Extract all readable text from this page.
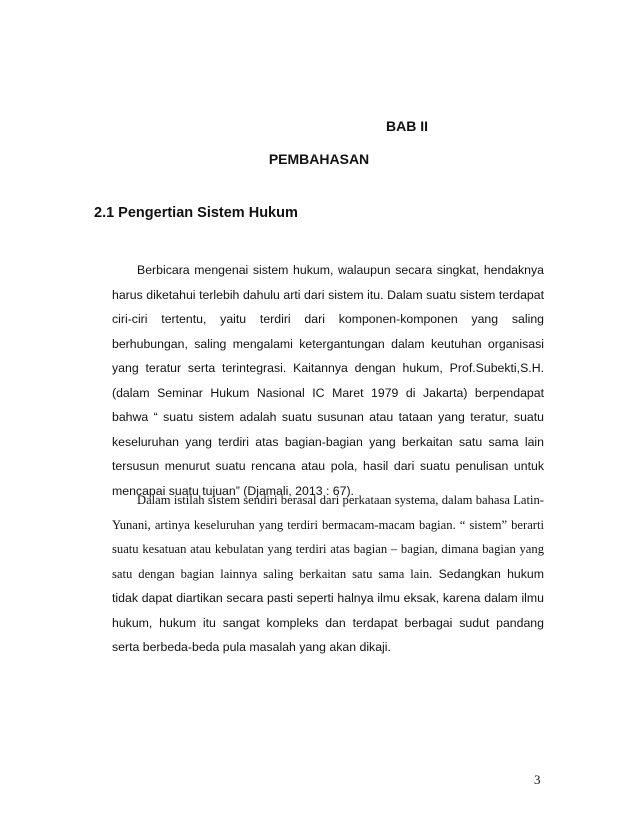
BAB II
PEMBAHASAN
2.1 Pengertian Sistem Hukum

Berbicara mengenai sistem hukum, walaupun secara singkat, hendaknya harus diketahui terlebih dahulu arti dari sistem itu. Dalam suatu sistem terdapat ciri-ciri tertentu, yaitu terdiri dari komponen-komponen yang saling berhubungan, saling mengalami ketergantungan dalam keutuhan organisasi yang teratur serta terintegrasi. Kaitannya dengan hukum, Prof.Subekti,S.H. (dalam Seminar Hukum Nasional IC Maret 1979 di Jakarta) berpendapat bahwa “ suatu sistem adalah suatu susunan atau tataan yang teratur, suatu keseluruhan yang terdiri atas bagian-bagian yang berkaitan satu sama lain tersusun menurut suatu rencana atau pola, hasil dari suatu penulisan untuk mencapai suatu tujuan” (Djamali, 2013 : 67).

Dalam istilah sistem sendiri berasal dari perkataan systema, dalam bahasa Latin-Yunani, artinya keseluruhan yang terdiri bermacam-macam bagian. “ sistem” berarti suatu kesatuan atau kebulatan yang terdiri atas bagian – bagian, dimana bagian yang satu dengan bagian lainnya saling berkaitan satu sama lain. Sedangkan hukum tidak dapat diartikan secara pasti seperti halnya ilmu eksak, karena dalam ilmu hukum, hukum itu sangat kompleks dan terdapat berbagai sudut pandang serta berbeda-beda pula masalah yang akan dikaji.

3
